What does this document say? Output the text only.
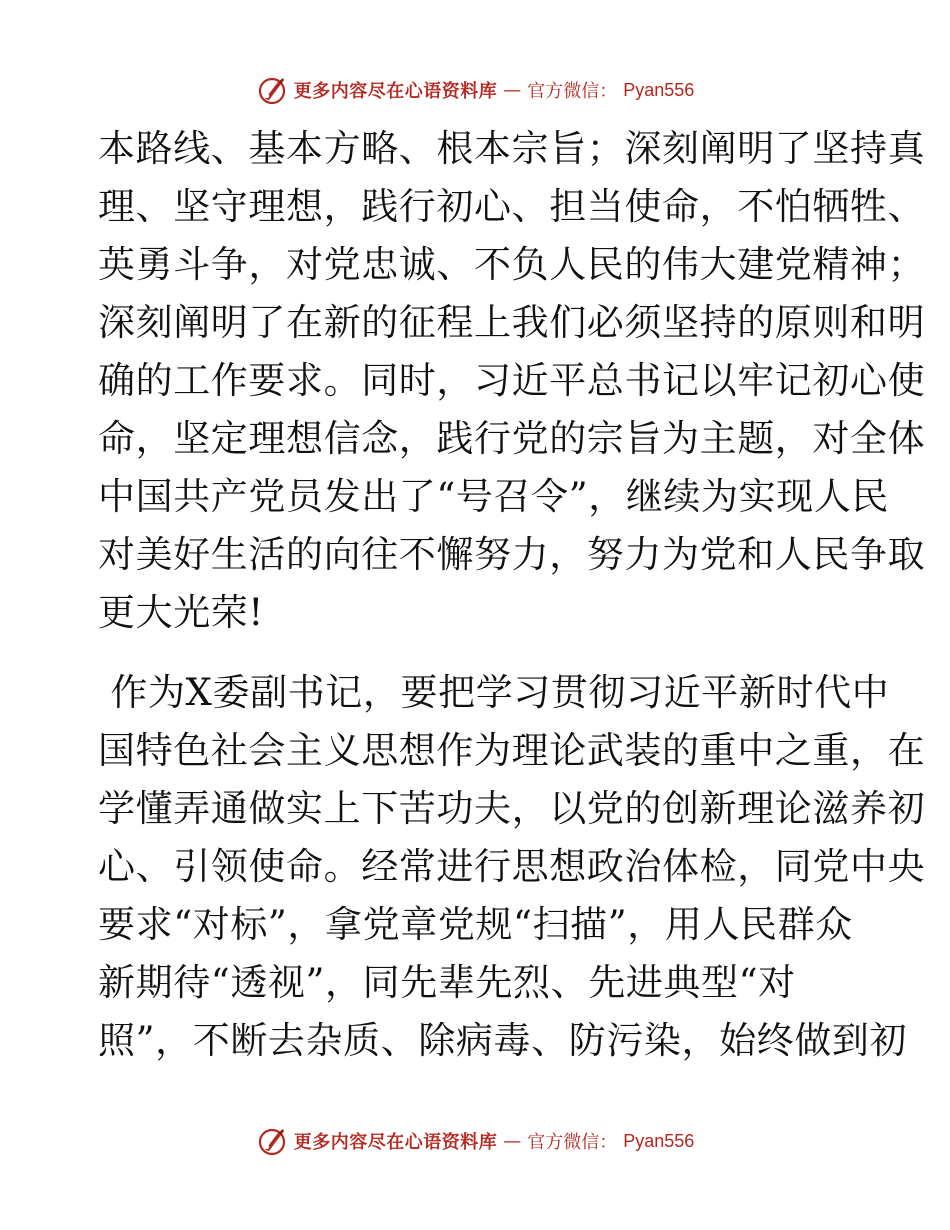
更多内容尽在心语资料库 — 官方微信： Pyan556
本路线、基本方略、根本宗旨；深刻阐明了坚持真
理、坚守理想，践行初心、担当使命，不怕牺牲、
英勇斗争，对党忠诚、不负人民的伟大建党精神；
深刻阐明了在新的征程上我们必须坚持的原则和明
确的工作要求。同时，习近平总书记以牢记初心使
命，坚定理想信念，践行党的宗旨为主题，对全体
中国共产党员发出了“号召令”，继续为实现人民
对美好生活的向往不懈努力，努力为党和人民争取
更大光荣!
作为X委副书记，要把学习贯彻习近平新时代中
国特色社会主义思想作为理论武装的重中之重，在
学懂弄通做实上下苦功夫，以党的创新理论滋养初
心、引领使命。经常进行思想政治体检，同党中央
要求“对标”，拿党章党规“扫描”，用人民群众
新期待“透视”，同先辈先烈、先进典型“对
照”，不断去杂质、除病毒、防污染，始终做到初
更多内容尽在心语资料库 — 官方微信： Pyan556
